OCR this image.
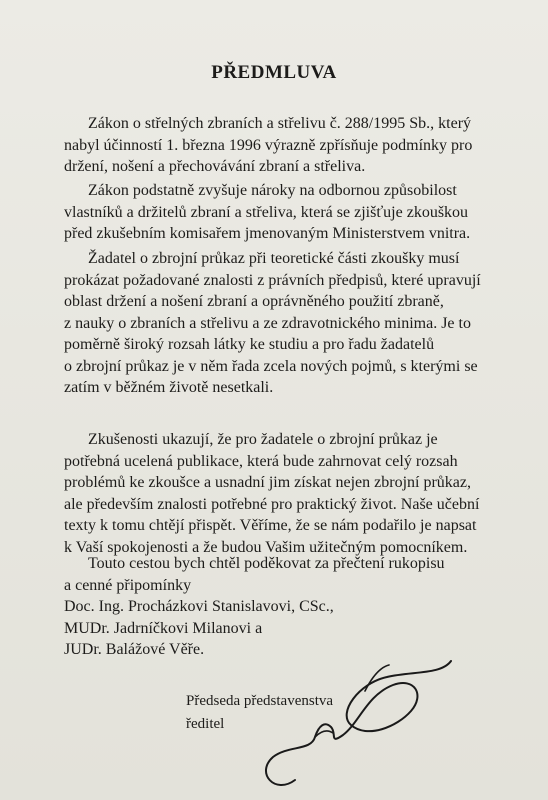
PŘEDMLUVA
Zákon o střelných zbraních a střelivu č. 288/1995 Sb., který
nabyl účinností 1. března 1996 výrazně zpřísňuje podmínky pro
držení, nošení a přechovávání zbraní a střeliva.
Zákon podstatně zvyšuje nároky na odbornou způsobilost
vlastníků a držitelů zbraní a střeliva, která se zjišťuje zkouškou
před zkušebním komisařem jmenovaným Ministerstvem vnitra.
Žadatel o zbrojní průkaz při teoretické části zkoušky musí
prokázat požadované znalosti z právních předpisů, které upravují
oblast držení a nošení zbraní a oprávněného použití zbraně,
z nauky o zbraních a střelivu a ze zdravotnického minima. Je to
poměrně široký rozsah látky ke studiu a pro řadu žadatelů
o zbrojní průkaz je v něm řada zcela nových pojmů, s kterými se
zatím v běžném životě nesetkali.
Zkušenosti ukazují, že pro žadatele o zbrojní průkaz je
potřebná ucelená publikace, která bude zahrnovat celý rozsah
problémů ke zkoušce a usnadní jim získat nejen zbrojní průkaz,
ale především znalosti potřebné pro praktický život. Naše učební
texty k tomu chtějí přispět. Věříme, že se nám podařilo je napsat
k Vaší spokojenosti a že budou Vašim užitečným pomocníkem.
Touto cestou bych chtěl poděkovat za přečtení rukopisu
a cenné připomínky
Doc. Ing. Procházkovi Stanislavovi, CSc.,
MUDr. Jadrníčkovi Milanovi a
JUDr. Balážové Věře.
Předseda představenstva
ředitel
